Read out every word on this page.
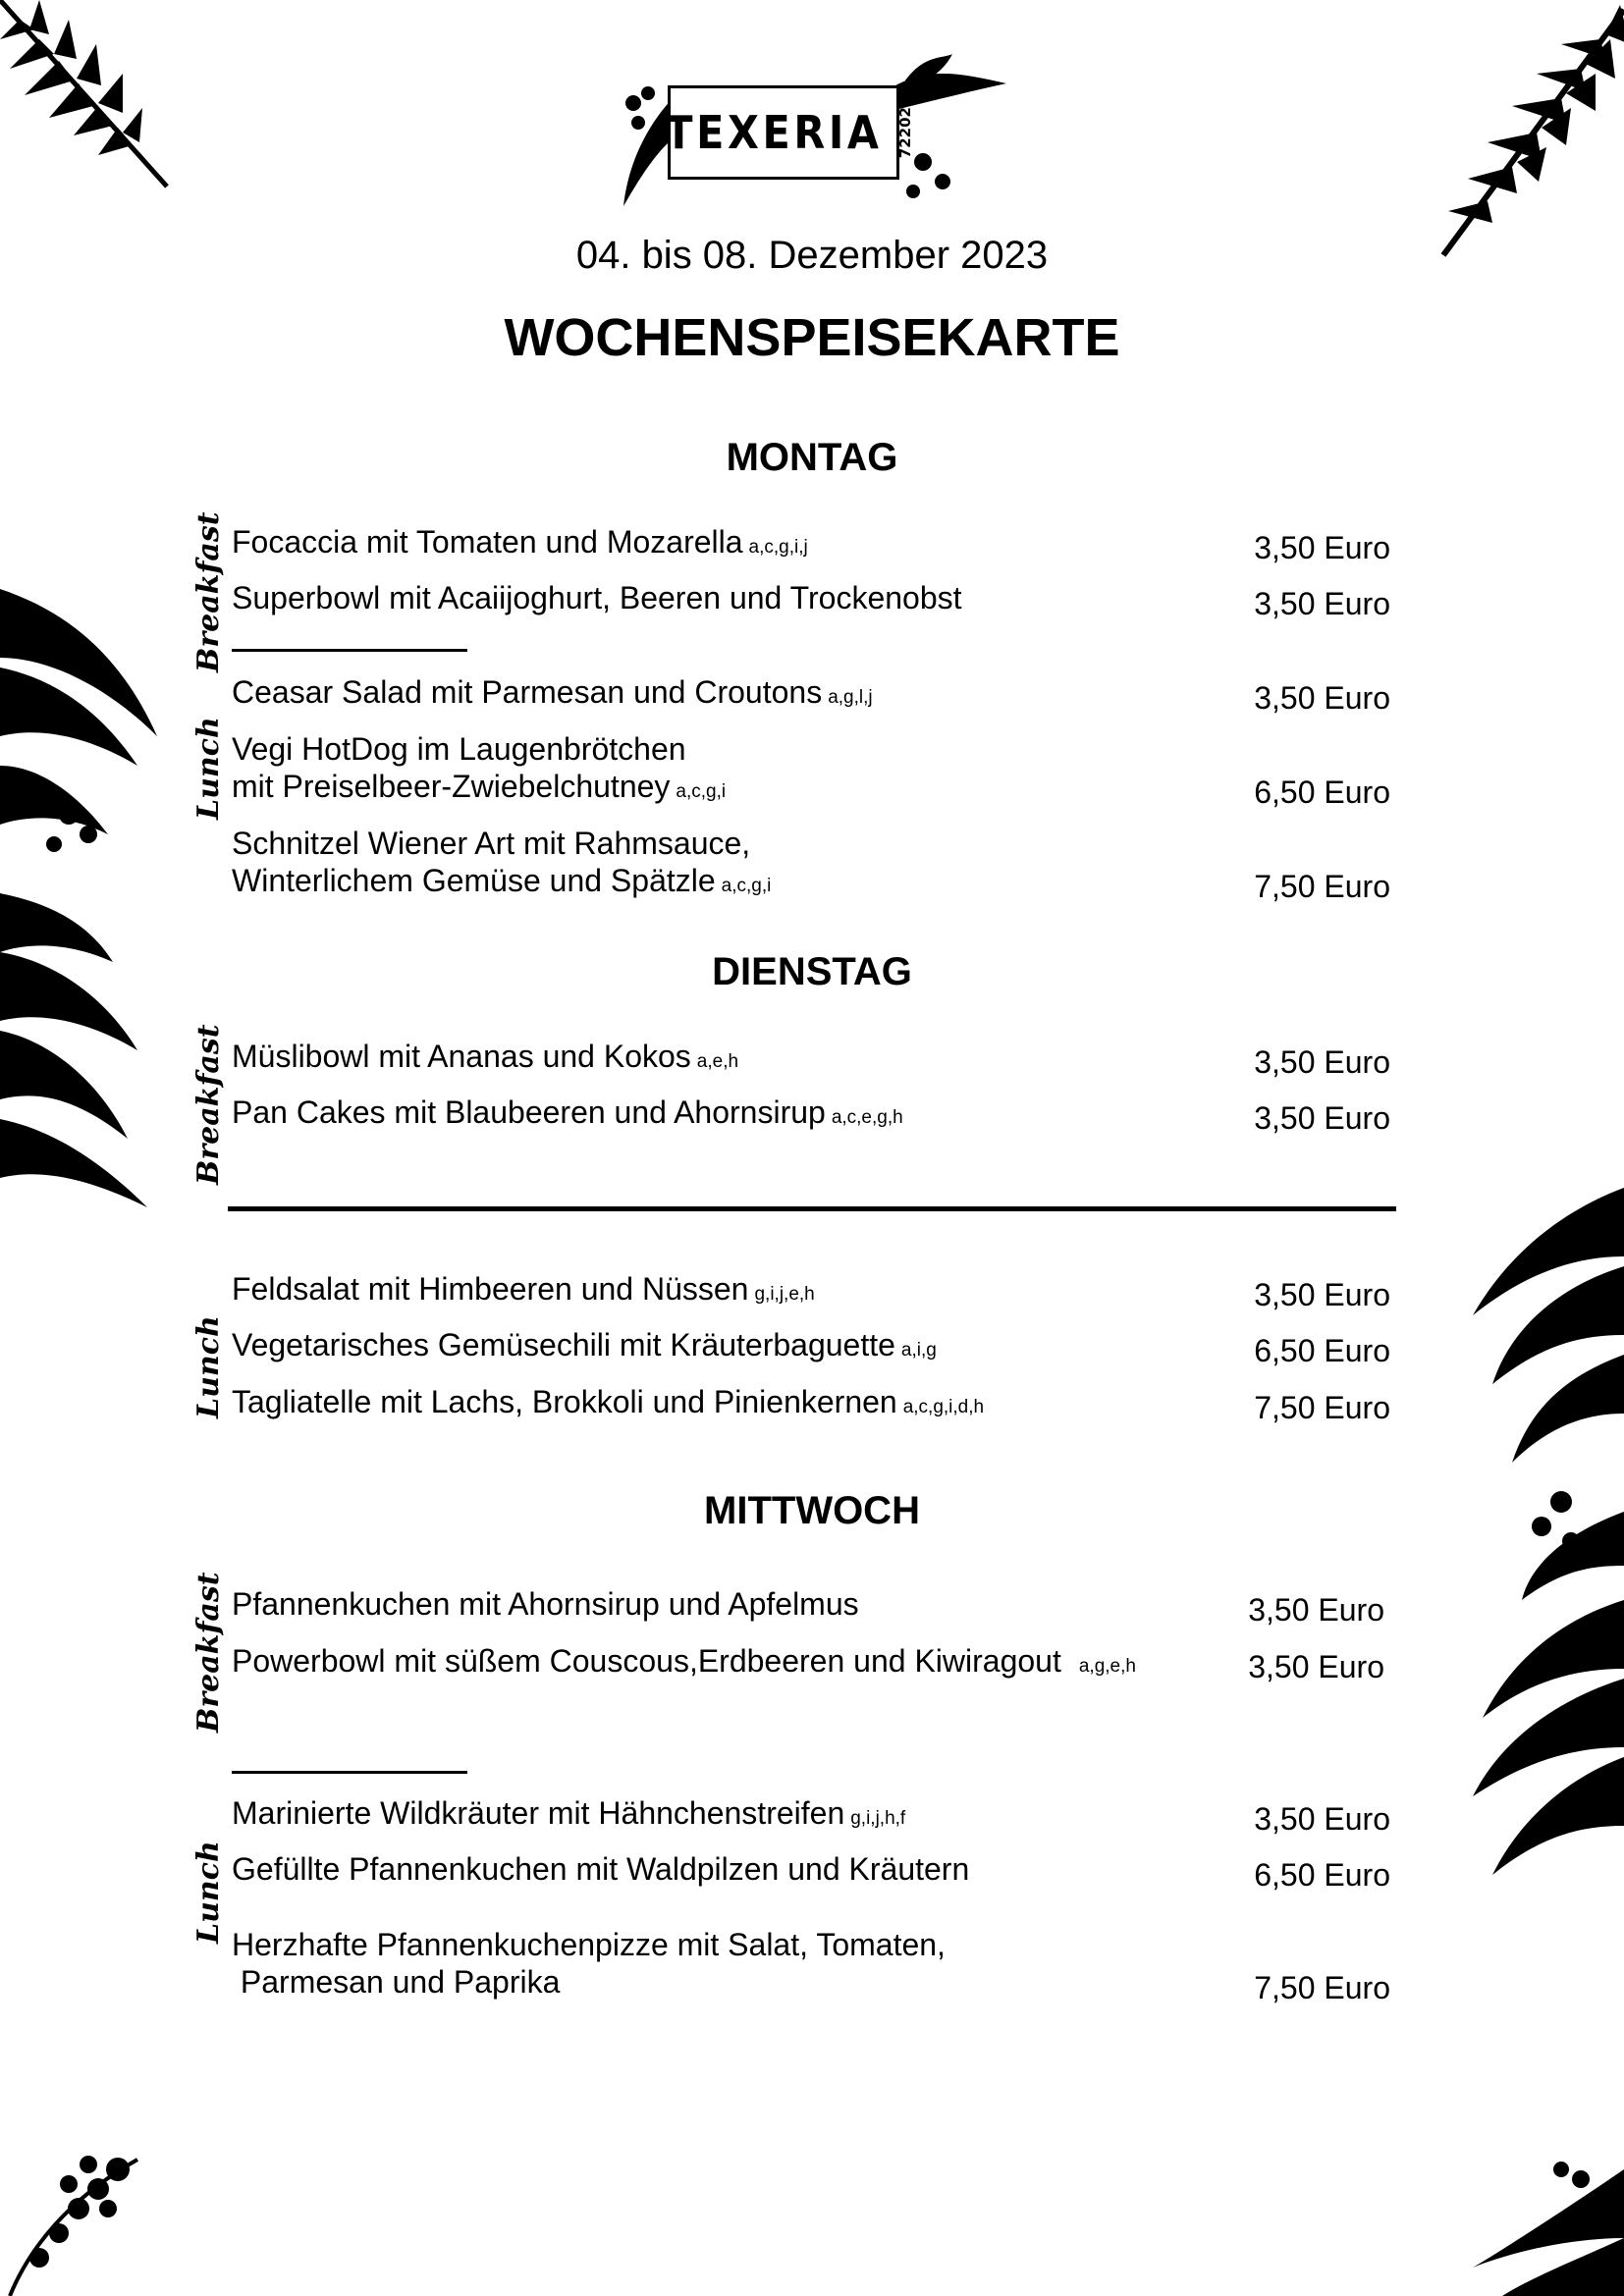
TEXERIA 72202
04. bis 08. Dezember 2023
WOCHENSPEISEKARTE
MONTAG
Breakfast Focaccia mit Tomaten und Mozarella a,c,g,i,j	3,50 Euro
Superbowl mit Acaiijoghurt, Beeren und Trockenobst	3,50 Euro
Lunch
Ceasar Salad mit Parmesan und Croutons a,g,l,j	3,50 Euro
Vegi HotDog im Laugenbrötchen
mit Preiselbeer-Zwiebelchutney a,c,g,i	6,50 Euro
Schnitzel Wiener Art mit Rahmsauce,
Winterlichem Gemüse und Spätzle a,c,g,i	7,50 Euro
DIENSTAG
Breakfast Müslibowl mit Ananas und Kokos a,e,h	3,50 Euro
Pan Cakes mit Blaubeeren und Ahornsirup a,c,e,g,h	3,50 Euro
Lunch
Feldsalat mit Himbeeren und Nüssen g,i,j,e,h	3,50 Euro
Vegetarisches Gemüsechili mit Kräuterbaguette a,i,g	6,50 Euro
Tagliatelle mit Lachs, Brokkoli und Pinienkernen a,c,g,i,d,h	7,50 Euro
MITTWOCH
Breakfast Pfannenkuchen mit Ahornsirup und Apfelmus	3,50 Euro
Powerbowl mit süßem Couscous,Erdbeeren und Kiwiragout a,g,e,h	3,50 Euro
Lunch
Marinierte Wildkräuter mit Hähnchenstreifen g,i,j,h,f	3,50 Euro
Gefüllte Pfannenkuchen mit Waldpilzen und Kräutern	6,50 Euro
Herzhafte Pfannenkuchenpizze mit Salat, Tomaten,
Parmesan und Paprika	7,50 Euro
